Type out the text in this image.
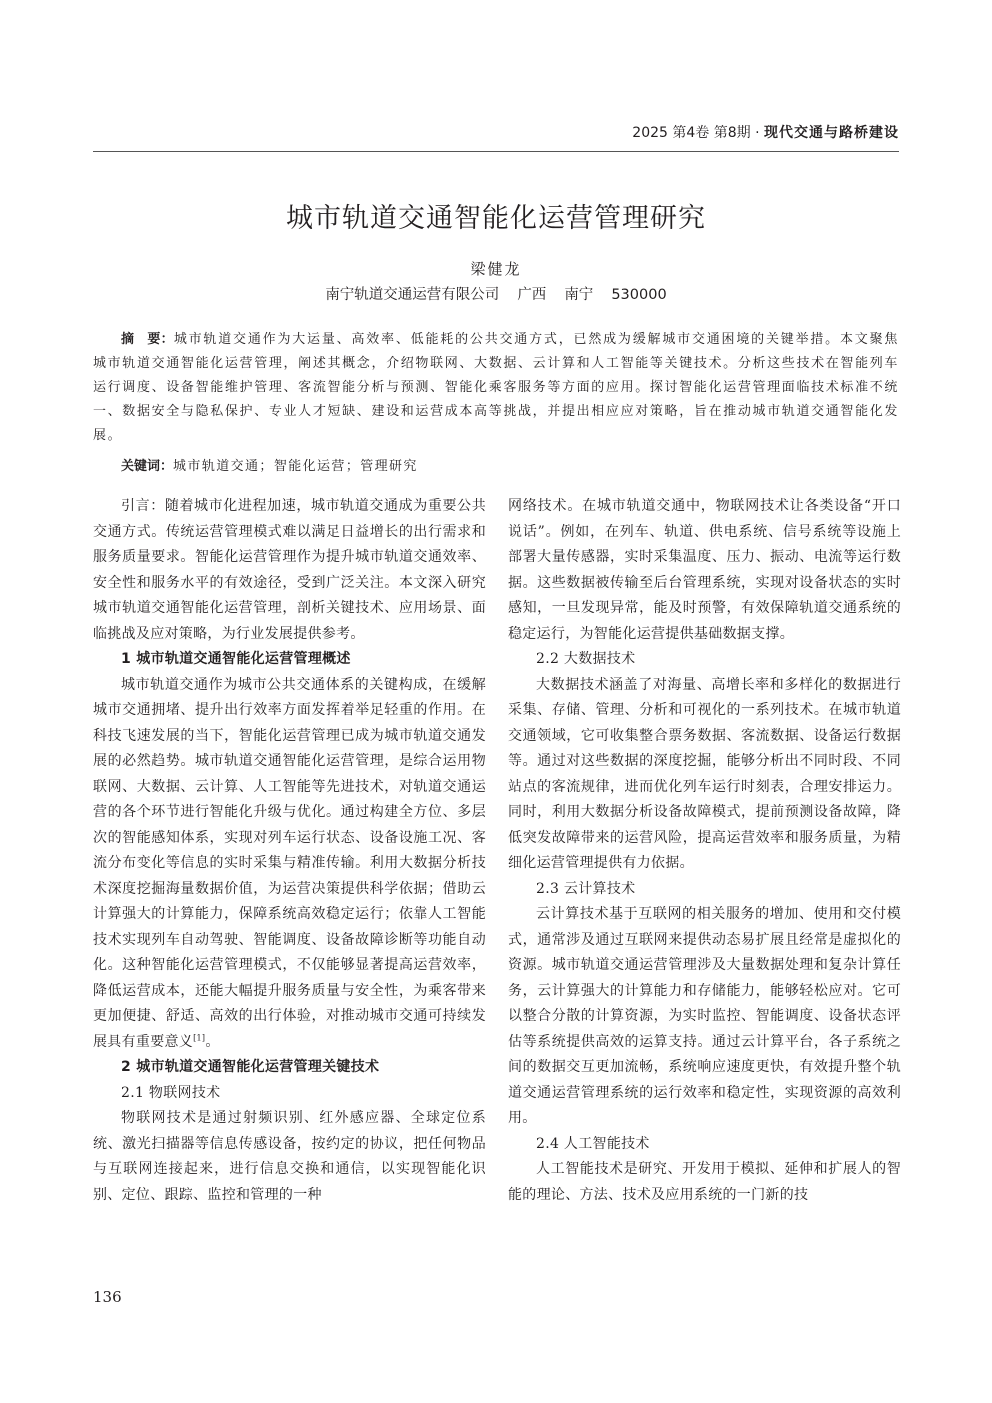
2025 第4卷 第8期 · 现代交通与路桥建设
城市轨道交通智能化运营管理研究
梁健龙
南宁轨道交通运营有限公司 广西 南宁 530000

摘　要：城市轨道交通作为大运量、高效率、低能耗的公共交通方式，已然成为缓解城市交通困境的关键举措。本文聚焦城市轨道交通智能化运营管理，阐述其概念，介绍物联网、大数据、云计算和人工智能等关键技术。分析这些技术在智能列车运行调度、设备智能维护管理、客流智能分析与预测、智能化乘客服务等方面的应用。探讨智能化运营管理面临技术标准不统一、数据安全与隐私保护、专业人才短缺、建设和运营成本高等挑战，并提出相应应对策略，旨在推动城市轨道交通智能化发展。

关键词：城市轨道交通；智能化运营；管理研究

引言：随着城市化进程加速，城市轨道交通成为重要公共交通方式。传统运营管理模式难以满足日益增长的出行需求和服务质量要求。智能化运营管理作为提升城市轨道交通效率、安全性和服务水平的有效途径，受到广泛关注。本文深入研究城市轨道交通智能化运营管理，剖析关键技术、应用场景、面临挑战及应对策略，为行业发展提供参考。

1 城市轨道交通智能化运营管理概述

城市轨道交通作为城市公共交通体系的关键构成，在缓解城市交通拥堵、提升出行效率方面发挥着举足轻重的作用。在科技飞速发展的当下，智能化运营管理已成为城市轨道交通发展的必然趋势。城市轨道交通智能化运营管理，是综合运用物联网、大数据、云计算、人工智能等先进技术，对轨道交通运营的各个环节进行智能化升级与优化。通过构建全方位、多层次的智能感知体系，实现对列车运行状态、设备设施工况、客流分布变化等信息的实时采集与精准传输。利用大数据分析技术深度挖掘海量数据价值，为运营决策提供科学依据；借助云计算强大的计算能力，保障系统高效稳定运行；依靠人工智能技术实现列车自动驾驶、智能调度、设备故障诊断等功能自动化。这种智能化运营管理模式，不仅能够显著提高运营效率，降低运营成本，还能大幅提升服务质量与安全性，为乘客带来更加便捷、舒适、高效的出行体验，对推动城市交通可持续发展具有重要意义[1]。

2 城市轨道交通智能化运营管理关键技术
2.1 物联网技术

物联网技术是通过射频识别、红外感应器、全球定位系统、激光扫描器等信息传感设备，按约定的协议，把任何物品与互联网连接起来，进行信息交换和通信，以实现智能化识别、定位、跟踪、监控和管理的一种

网络技术。在城市轨道交通中，物联网技术让各类设备“开口说话”。例如，在列车、轨道、供电系统、信号系统等设施上部署大量传感器，实时采集温度、压力、振动、电流等运行数据。这些数据被传输至后台管理系统，实现对设备状态的实时感知，一旦发现异常，能及时预警，有效保障轨道交通系统的稳定运行，为智能化运营提供基础数据支撑。

2.2 大数据技术

大数据技术涵盖了对海量、高增长率和多样化的数据进行采集、存储、管理、分析和可视化的一系列技术。在城市轨道交通领域，它可收集整合票务数据、客流数据、设备运行数据等。通过对这些数据的深度挖掘，能够分析出不同时段、不同站点的客流规律，进而优化列车运行时刻表，合理安排运力。同时，利用大数据分析设备故障模式，提前预测设备故障，降低突发故障带来的运营风险，提高运营效率和服务质量，为精细化运营管理提供有力依据。

2.3 云计算技术

云计算技术基于互联网的相关服务的增加、使用和交付模式，通常涉及通过互联网来提供动态易扩展且经常是虚拟化的资源。城市轨道交通运营管理涉及大量数据处理和复杂计算任务，云计算强大的计算能力和存储能力，能够轻松应对。它可以整合分散的计算资源，为实时监控、智能调度、设备状态评估等系统提供高效的运算支持。通过云计算平台，各子系统之间的数据交互更加流畅，系统响应速度更快，有效提升整个轨道交通运营管理系统的运行效率和稳定性，实现资源的高效利用。

2.4 人工智能技术

人工智能技术是研究、开发用于模拟、延伸和扩展人的智能的理论、方法、技术及应用系统的一门新的技

136
